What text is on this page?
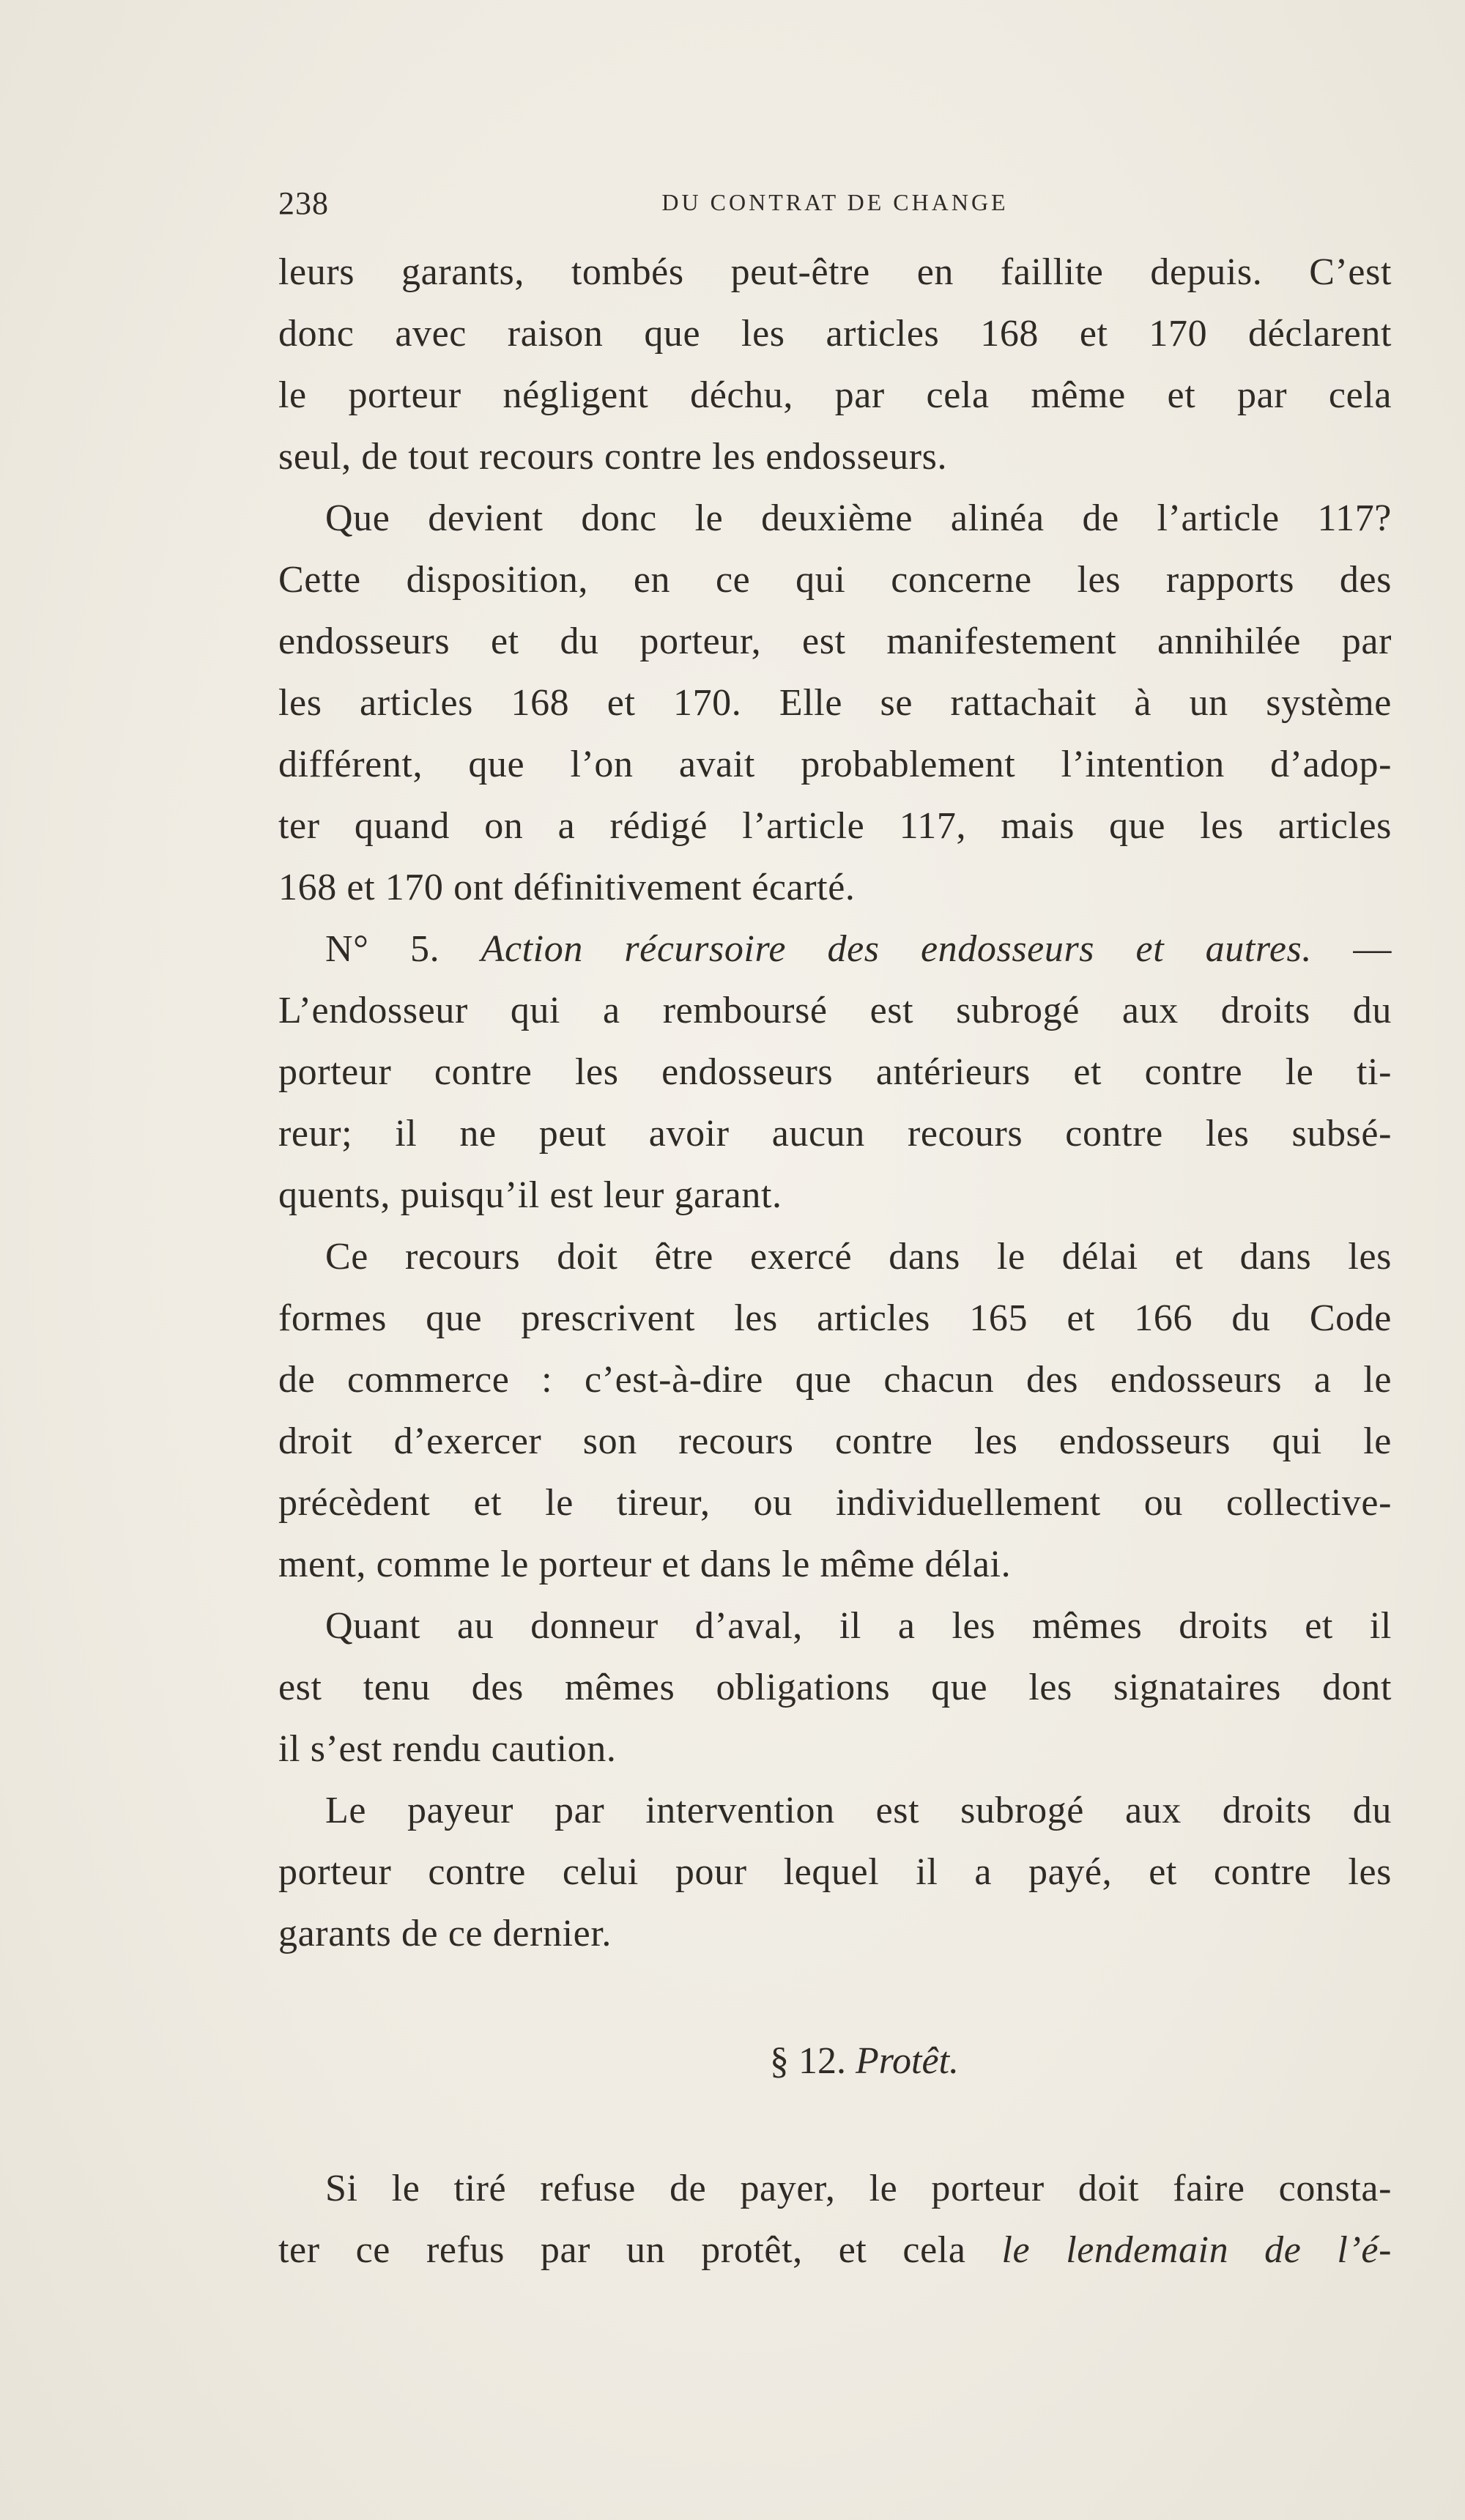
238	DU CONTRAT DE CHANGE
leurs garants, tombés peut-être en faillite depuis. C’est
donc avec raison que les articles 168 et 170 déclarent
le porteur négligent déchu, par cela même et par cela
seul, de tout recours contre les endosseurs.
Que devient donc le deuxième alinéa de l’article 117?
Cette disposition, en ce qui concerne les rapports des
endosseurs et du porteur, est manifestement annihilée par
les articles 168 et 170. Elle se rattachait à un système
différent, que l’on avait probablement l’intention d’adop-
ter quand on a rédigé l’article 117, mais que les articles
168 et 170 ont définitivement écarté.
N° 5. Action récursoire des endosseurs et autres. —
L’endosseur qui a remboursé est subrogé aux droits du
porteur contre les endosseurs antérieurs et contre le ti-
reur; il ne peut avoir aucun recours contre les subsé-
quents, puisqu’il est leur garant.
Ce recours doit être exercé dans le délai et dans les
formes que prescrivent les articles 165 et 166 du Code
de commerce : c’est-à-dire que chacun des endosseurs a le
droit d’exercer son recours contre les endosseurs qui le
précèdent et le tireur, ou individuellement ou collective-
ment, comme le porteur et dans le même délai.
Quant au donneur d’aval, il a les mêmes droits et il
est tenu des mêmes obligations que les signataires dont
il s’est rendu caution.
Le payeur par intervention est subrogé aux droits du
porteur contre celui pour lequel il a payé, et contre les
garants de ce dernier.
§ 12. Protêt.
Si le tiré refuse de payer, le porteur doit faire consta-
ter ce refus par un protêt, et cela le lendemain de l’é-
